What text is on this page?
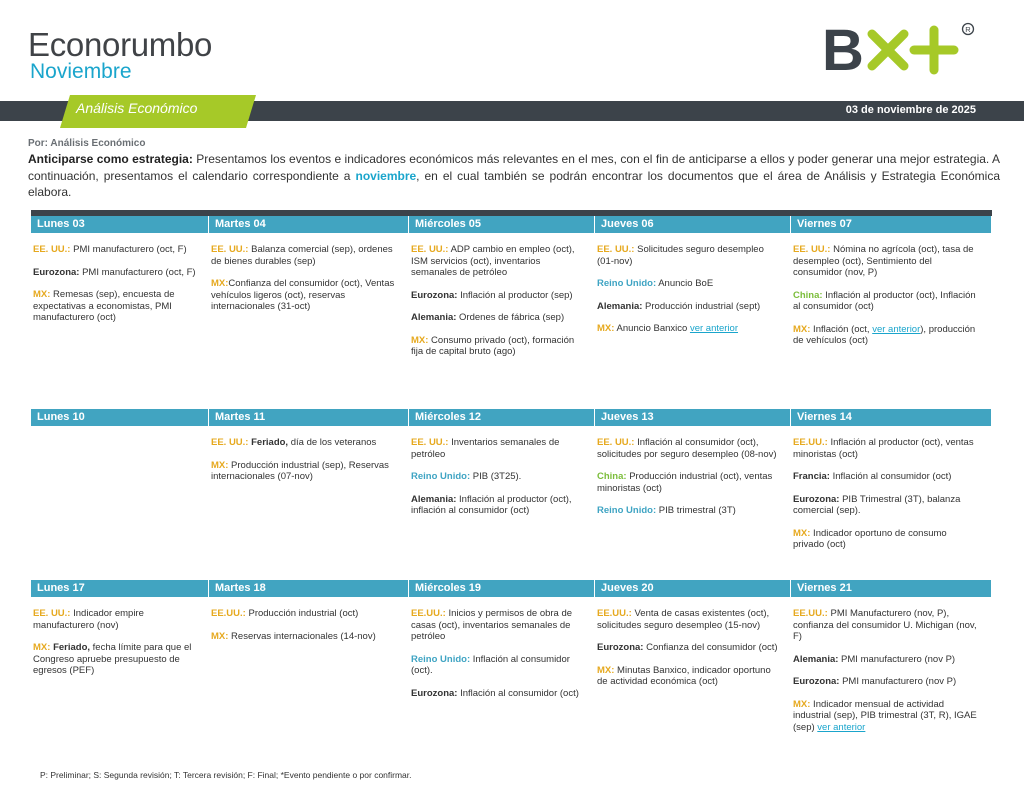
Econorumbo
Noviembre	B	R
Análisis Económico	03 de noviembre de 2025
Por: Análisis Económico
Anticiparse como estrategia: Presentamos los eventos e indicadores económicos más relevantes en el mes, con el fin de anticiparse a ellos y poder generar una mejor estrategia. A continuación, presentamos el calendario correspondiente a noviembre, en el cual también se podrán encontrar los documentos que el área de Análisis y Estrategia Económica elabora.
Lunes 03
EE. UU.: PMI manufacturero (oct, F)
Eurozona: PMI manufacturero (oct, F)
MX: Remesas (sep), encuesta de expectativas a economistas, PMI manufacturero (oct)
Martes 04
EE. UU.: Balanza comercial (sep), ordenes de bienes durables (sep)
MX:Confianza del consumidor (oct), Ventas vehículos ligeros (oct), reservas internacionales (31-oct)
Miércoles 05
EE. UU.: ADP cambio en empleo (oct), ISM servicios (oct), inventarios semanales de petróleo
Eurozona: Inflación al productor (sep)
Alemania: Ordenes de fábrica (sep)
MX: Consumo privado (oct), formación fija de capital bruto (ago)
Jueves 06
EE. UU.: Solicitudes seguro desempleo (01-nov)
Reino Unido: Anuncio BoE
Alemania: Producción industrial (sept)
MX: Anuncio Banxico ver anterior
Viernes 07
EE. UU.: Nómina no agrícola (oct), tasa de desempleo (oct), Sentimiento del consumidor (nov, P)
China: Inflación al productor (oct), Inflación al consumidor (oct)
MX: Inflación (oct, ver anterior), producción de vehículos (oct)
Lunes 10	Martes 11
EE. UU.: Feriado, día de los veteranos
MX: Producción industrial (sep), Reservas internacionales (07-nov)
Miércoles 12
EE. UU.: Inventarios semanales de petróleo
Reino Unido: PIB (3T25).
Alemania: Inflación al productor (oct), inflación al consumidor (oct)
Jueves 13
EE. UU.: Inflación al consumidor (oct), solicitudes por seguro desempleo (08-nov)
China: Producción industrial (oct), ventas minoristas (oct)
Reino Unido: PIB trimestral (3T)
Viernes 14
EE.UU.: Inflación al productor (oct), ventas minoristas (oct)
Francia: Inflación al consumidor (oct)
Eurozona: PIB Trimestral (3T), balanza comercial (sep).
MX: Indicador oportuno de consumo privado (oct)
Lunes 17
EE. UU.: Indicador empire manufacturero (nov)
MX: Feriado, fecha límite para que el Congreso apruebe presupuesto de egresos (PEF)
Martes 18
EE.UU.: Producción industrial (oct)
MX: Reservas internacionales (14-nov)
Miércoles 19
EE.UU.: Inicios y permisos de obra de casas (oct), inventarios semanales de petróleo
Reino Unido: Inflación al consumidor (oct).
Eurozona: Inflación al consumidor (oct)
Jueves 20
EE.UU.: Venta de casas existentes (oct), solicitudes seguro desempleo (15-nov)
Eurozona: Confianza del consumidor (oct)
MX: Minutas Banxico, indicador oportuno de actividad económica (oct)
Viernes 21
EE.UU.: PMI Manufacturero (nov, P), confianza del consumidor U. Michigan (nov, F)
Alemania: PMI manufacturero (nov P)
Eurozona: PMI manufacturero (nov P)
MX: Indicador mensual de actividad industrial (sep), PIB trimestral (3T, R), IGAE (sep) ver anterior
P: Preliminar; S: Segunda revisión; T: Tercera revisión; F: Final; *Evento pendiente o por confirmar.
